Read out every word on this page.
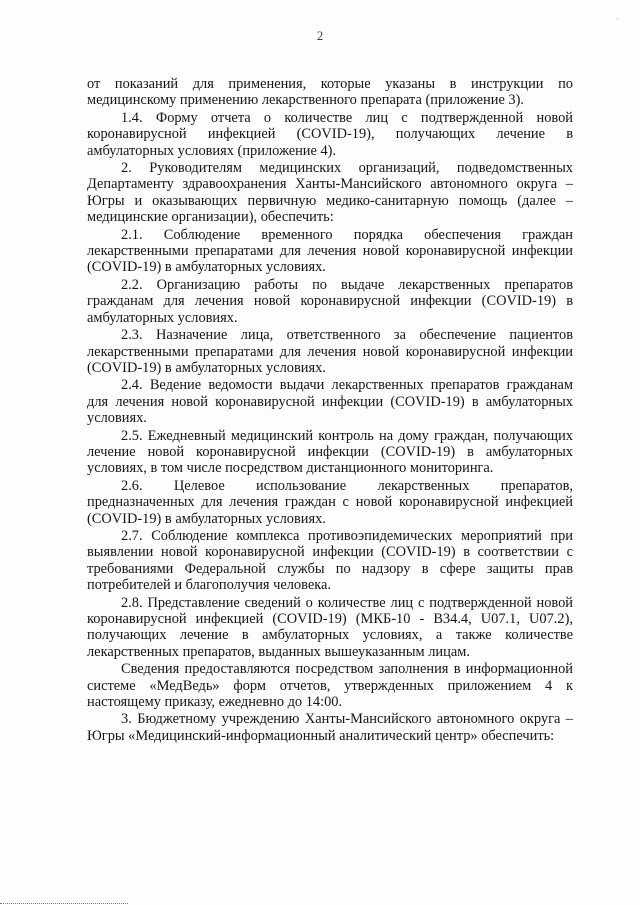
·
2

от показаний для применения, которые указаны в инструкции по медицинскому применению лекарственного препарата (приложение 3).

1.4. Форму отчета о количестве лиц с подтвержденной новой коронавирусной инфекцией (COVID-19), получающих лечение в амбулаторных условиях (приложение 4).

2. Руководителям медицинских организаций, подведомственных Департаменту здравоохранения Ханты-Мансийского автономного округа – Югры и оказывающих первичную медико-санитарную помощь (далее – медицинские организации), обеспечить:

2.1. Соблюдение временного порядка обеспечения граждан лекарственными препаратами для лечения новой коронавирусной инфекции (COVID-19) в амбулаторных условиях.

2.2. Организацию работы по выдаче лекарственных препаратов гражданам для лечения новой коронавирусной инфекции (COVID-19) в амбулаторных условиях.

2.3. Назначение лица, ответственного за обеспечение пациентов лекарственными препаратами для лечения новой коронавирусной инфекции (COVID-19) в амбулаторных условиях.

2.4. Ведение ведомости выдачи лекарственных препаратов гражданам для лечения новой коронавирусной инфекции (COVID-19) в амбулаторных условиях.

2.5. Ежедневный медицинский контроль на дому граждан, получающих лечение новой коронавирусной инфекции (COVID-19) в амбулаторных условиях, в том числе посредством дистанционного мониторинга.

2.6. Целевое использование лекарственных препаратов, предназначенных для лечения граждан с новой коронавирусной инфекцией (COVID-19) в амбулаторных условиях.

2.7. Соблюдение комплекса противоэпидемических мероприятий при выявлении новой коронавирусной инфекции (COVID-19) в соответствии с требованиями Федеральной службы по надзору в сфере защиты прав потребителей и благополучия человека.

2.8. Представление сведений о количестве лиц с подтвержденной новой коронавирусной инфекцией (COVID-19) (МКБ-10 - B34.4, U07.1, U07.2), получающих лечение в амбулаторных условиях, а также количестве лекарственных препаратов, выданных вышеуказанным лицам.

Сведения предоставляются посредством заполнения в информационной системе «МедВедь» форм отчетов, утвержденных приложением 4 к настоящему приказу, ежедневно до 14:00.

3. Бюджетному учреждению Ханты-Мансийского автономного округа – Югры «Медицинский-информационный аналитический центр» обеспечить:
